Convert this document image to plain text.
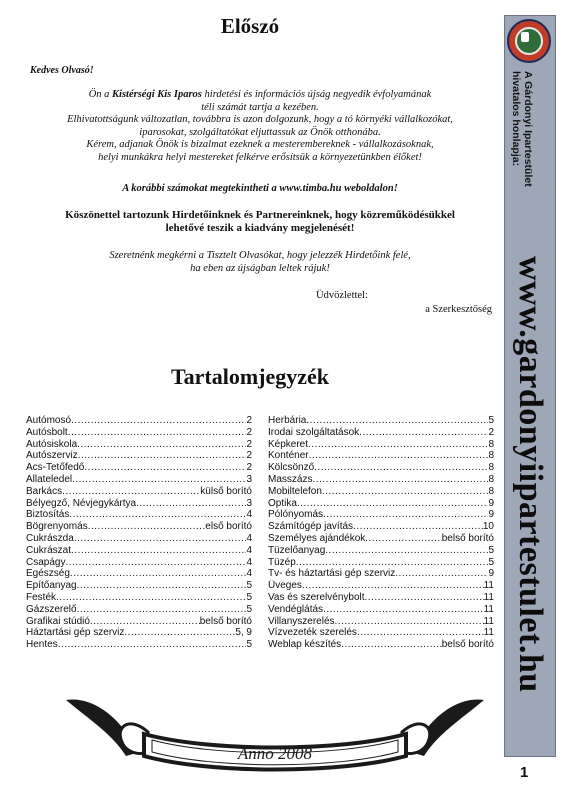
Előszó
Kedves Olvasó!
Ön a Kistérségi Kis Iparos hirdetési és információs újság negyedik évfolyamának
téli számát tartja a kezében.
Elhivatottságunk változatlan, továbbra is azon dolgozunk, hogy a tó környéki vállalkozókat,
iparosokat, szolgáltatókat eljuttassuk az Önök otthonába.
Kérem, adjanak Önök is bizalmat ezeknek a mesterembereknek - vállalkozásoknak,
helyi munkákra helyi mestereket felkérve erősítsük a környezetünkben élőket!
A korábbi számokat megtekintheti a www.timba.hu weboldalon!
Köszönettel tartozunk Hirdetőinknek és Partnereinknek, hogy közreműködésükkel
lehetővé teszik a kiadvány megjelenését!
Szeretnénk megkérni a Tisztelt Olvasókat, hogy jelezzék Hirdetőink felé,
ha eben az újságban leltek rájuk!
Üdvözlettel:
a Szerkesztőség
Tartalomjegyzék
Autómosó .....	2
Autósbolt .....	2
Autósiskola .....	2
Autószerviz .....	2
Ács-Tetőfedő .....	2
Állateledel .....	3
Barkács .....	külső borító
Bélyegző, Névjegykártya .....	3
Biztosítás .....	4
Bögrenyomás .....	első borító
Cukrászda .....	4
Cukrászat .....	4
Csapágy .....	4
Egészség .....	4
Építőanyag .....	5
Festék .....	5
Gázszerelő .....	5
Grafikai stúdió .....	belső borító
Háztartási gép szerviz .....	5, 9
Hentes .....	5
Herbária .....	5
Irodai szolgáltatások .....	2
Képkeret .....	8
Konténer .....	8
Kölcsönző .....	8
Masszázs .....	8
Mobiltelefon .....	8
Optika .....	9
Pólónyomás .....	9
Számítógép javítás .....	10
Személyes ajándékok .....	belső borító
Tüzelőanyag .....	5
Tüzép .....	5
Tv- és háztartási gép szerviz .....	9
Üveges .....	11
Vas és szerelvénybolt .....	11
Vendéglátás .....	11
Villanyszerelés .....	11
Vízvezeték szerelés .....	11
Weblap készítés .....	belső borító
Anno 2008
A Gárdonyi Ipartestület
hivatalos honlapja:
www.gardonyiipartestulet.hu
1
